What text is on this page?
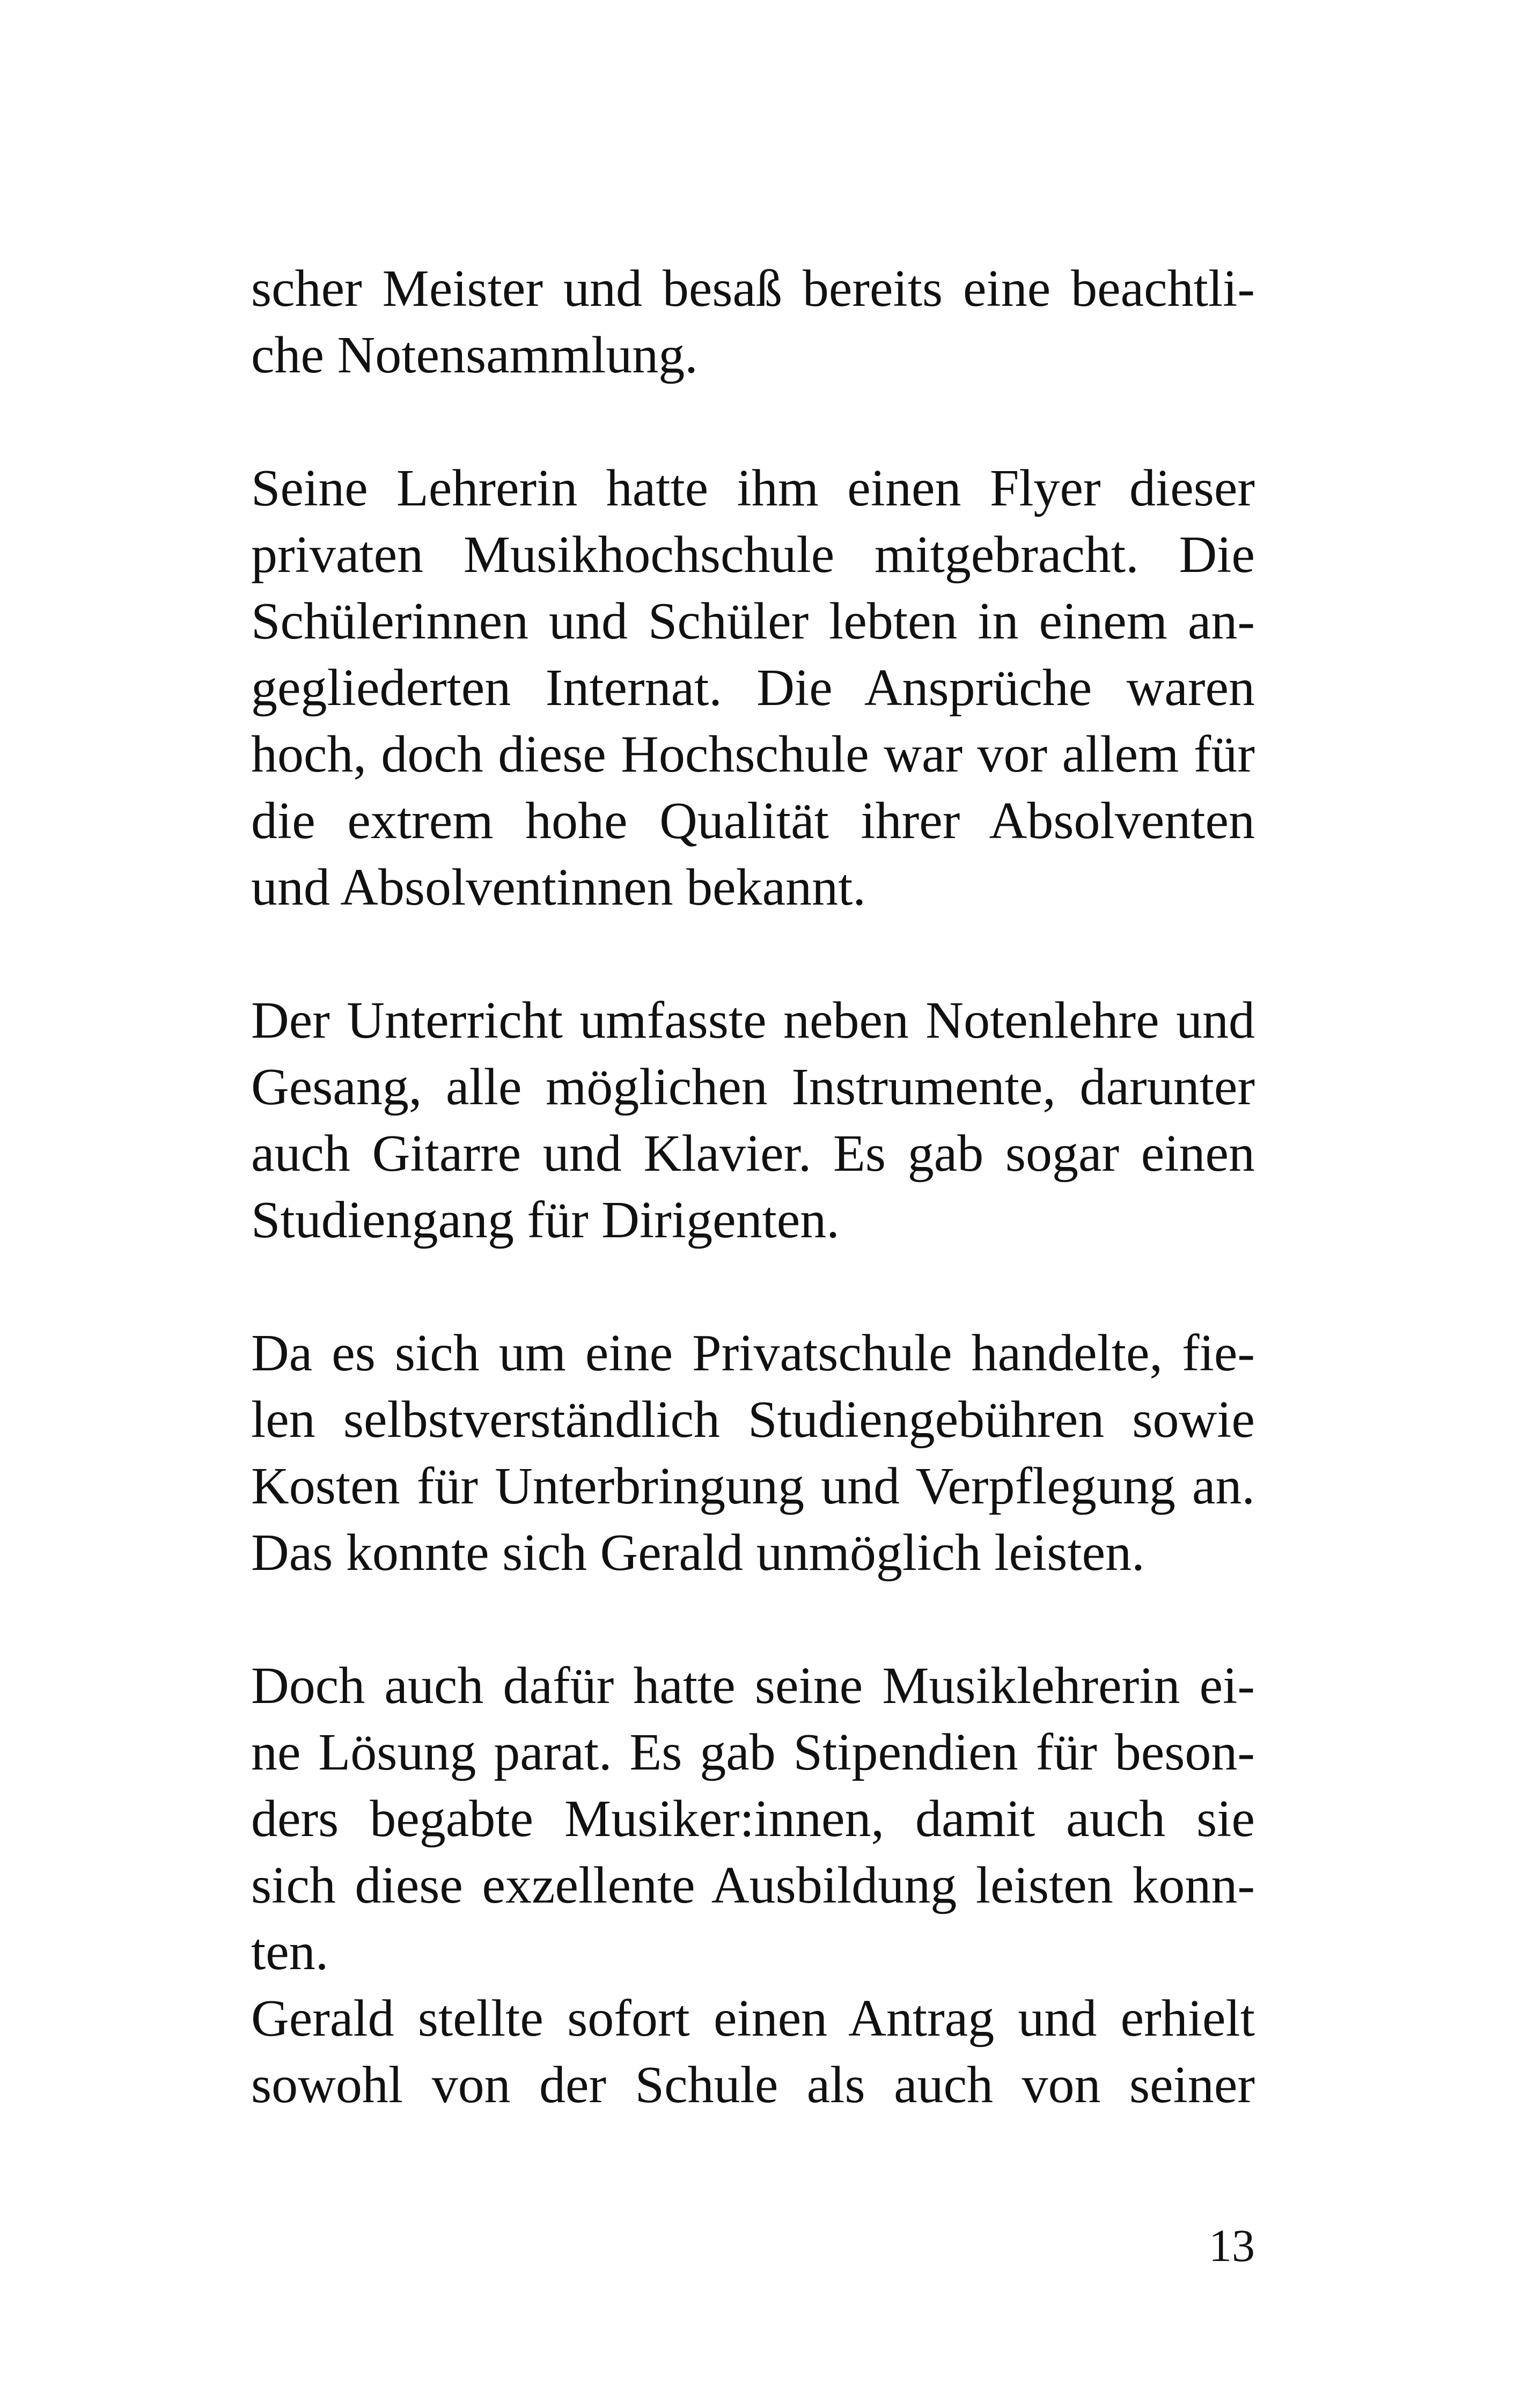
scher Meister und besaß bereits eine beachtli-
che Notensammlung.
Seine Lehrerin hatte ihm einen Flyer dieser
privaten Musikhochschule mitgebracht. Die
Schülerinnen und Schüler lebten in einem an-
gegliederten Internat. Die Ansprüche waren
hoch, doch diese Hochschule war vor allem für
die extrem hohe Qualität ihrer Absolventen
und Absolventinnen bekannt.
Der Unterricht umfasste neben Notenlehre und
Gesang, alle möglichen Instrumente, darunter
auch Gitarre und Klavier. Es gab sogar einen
Studiengang für Dirigenten.
Da es sich um eine Privatschule handelte, fie-
len selbstverständlich Studiengebühren sowie
Kosten für Unterbringung und Verpflegung an.
Das konnte sich Gerald unmöglich leisten.
Doch auch dafür hatte seine Musiklehrerin ei-
ne Lösung parat. Es gab Stipendien für beson-
ders begabte Musiker:innen, damit auch sie
sich diese exzellente Ausbildung leisten konn-
ten.
Gerald stellte sofort einen Antrag und erhielt
sowohl von der Schule als auch von seiner
13
